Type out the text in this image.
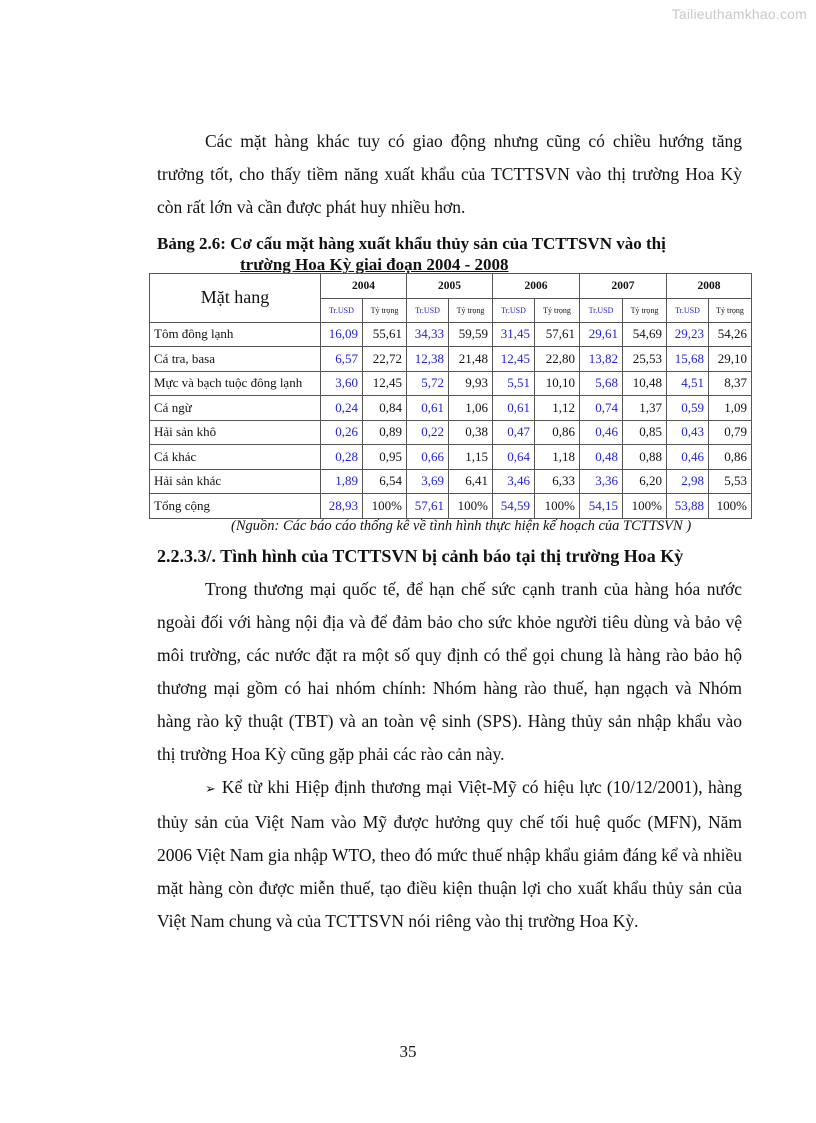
Tailieuthamkhao.com

Các mặt hàng khác tuy có giao động nhưng cũng có chiều hướng tăng trưởng tốt, cho thấy tiềm năng xuất khẩu của TCTTSVN vào thị trường Hoa Kỳ còn rất lớn và cần được phát huy nhiều hơn.

Bảng 2.6: Cơ cấu mặt hàng xuất khẩu thủy sản của TCTTSVN vào thị
trường Hoa Kỳ giai đoạn 2004 - 2008
Mặt hang	2004		2005		2006		2007		2008	
	Tr.USD	Tỷ trọng	Tr.USD	Tỷ trọng	Tr.USD	Tỷ trọng	Tr.USD	Tỷ trọng	Tr.USD	Tỷ trọng
Tôm đông lạnh	16,09	55,61	34,33	59,59	31,45	57,61	29,61	54,69	29,23	54,26
Cá tra, basa	6,57	22,72	12,38	21,48	12,45	22,80	13,82	25,53	15,68	29,10
Mực và bạch tuộc đông lạnh	3,60	12,45	5,72	9,93	5,51	10,10	5,68	10,48	4,51	8,37
Cá ngừ	0,24	0,84	0,61	1,06	0,61	1,12	0,74	1,37	0,59	1,09
Hải sản khô	0,26	0,89	0,22	0,38	0,47	0,86	0,46	0,85	0,43	0,79
Cá khác	0,28	0,95	0,66	1,15	0,64	1,18	0,48	0,88	0,46	0,86
Hải sản khác	1,89	6,54	3,69	6,41	3,46	6,33	3,36	6,20	2,98	5,53
Tổng cộng	28,93	100%	57,61	100%	54,59	100%	54,15	100%	53,88	100%
(Nguồn: Các báo cáo thống kê về tình hình thực hiện kế hoạch của TCTTSVN )
2.2.3.3/. Tình hình của TCTTSVN bị cảnh báo tại thị trường Hoa Kỳ

Trong thương mại quốc tế, để hạn chế sức cạnh tranh của hàng hóa nước ngoài đối với hàng nội địa và để đảm bảo cho sức khỏe người tiêu dùng và bảo vệ môi trường, các nước đặt ra một số quy định có thể gọi chung là hàng rào bảo hộ thương mại gồm có hai nhóm chính: Nhóm hàng rào thuế, hạn ngạch và Nhóm hàng rào kỹ thuật (TBT) và an toàn vệ sinh (SPS). Hàng thủy sản nhập khẩu vào thị trường Hoa Kỳ cũng gặp phải các rào cản này.

➢ Kể từ khi Hiệp định thương mại Việt-Mỹ có hiệu lực (10/12/2001), hàng thủy sản của Việt Nam vào Mỹ được hưởng quy chế tối huệ quốc (MFN), Năm 2006 Việt Nam gia nhập WTO, theo đó mức thuế nhập khẩu giảm đáng kể và nhiều mặt hàng còn được miễn thuế, tạo điều kiện thuận lợi cho xuất khẩu thủy sản của Việt Nam chung và của TCTTSVN nói riêng vào thị trường Hoa Kỳ.

35
